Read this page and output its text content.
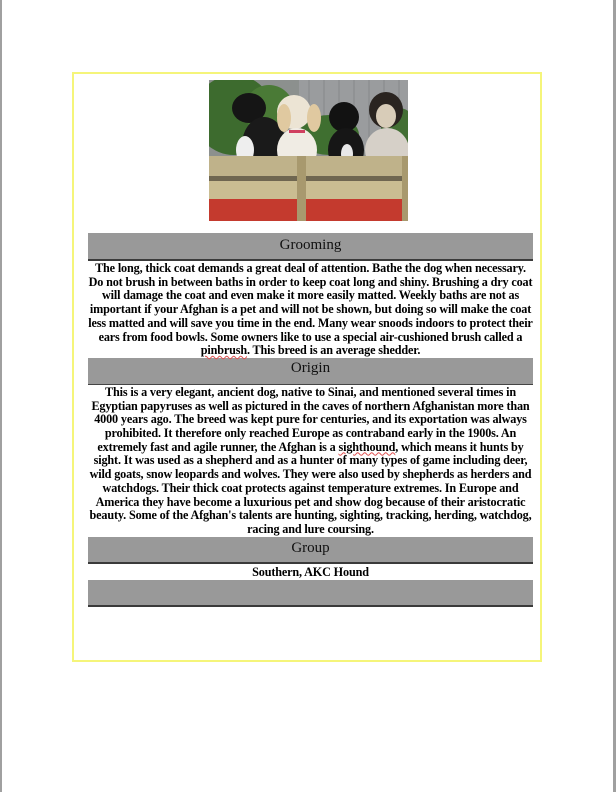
Grooming
The long, thick coat demands a great deal of attention. Bathe the dog when necessary. Do not brush in between baths in order to keep coat long and shiny. Brushing a dry coat will damage the coat and even make it more easily matted. Weekly baths are not as important if your Afghan is a pet and will not be shown, but doing so will make the coat less matted and will save you time in the end. Many wear snoods indoors to protect their ears from food bowls. Some owners like to use a special air-cushioned brush called a pinbrush. This breed is an average shedder.
Origin
This is a very elegant, ancient dog, native to Sinai, and mentioned several times in Egyptian papyruses as well as pictured in the caves of northern Afghanistan more than 4000 years ago. The breed was kept pure for centuries, and its exportation was always prohibited. It therefore only reached Europe as contraband early in the 1900s. An extremely fast and agile runner, the Afghan is a sighthound, which means it hunts by sight. It was used as a shepherd and as a hunter of many types of game including deer, wild goats, snow leopards and wolves. They were also used by shepherds as herders and watchdogs. Their thick coat protects against temperature extremes. In Europe and America they have become a luxurious pet and show dog because of their aristocratic beauty. Some of the Afghan's talents are hunting, sighting, tracking, herding, watchdog, racing and lure coursing.
Group
Southern, AKC Hound
